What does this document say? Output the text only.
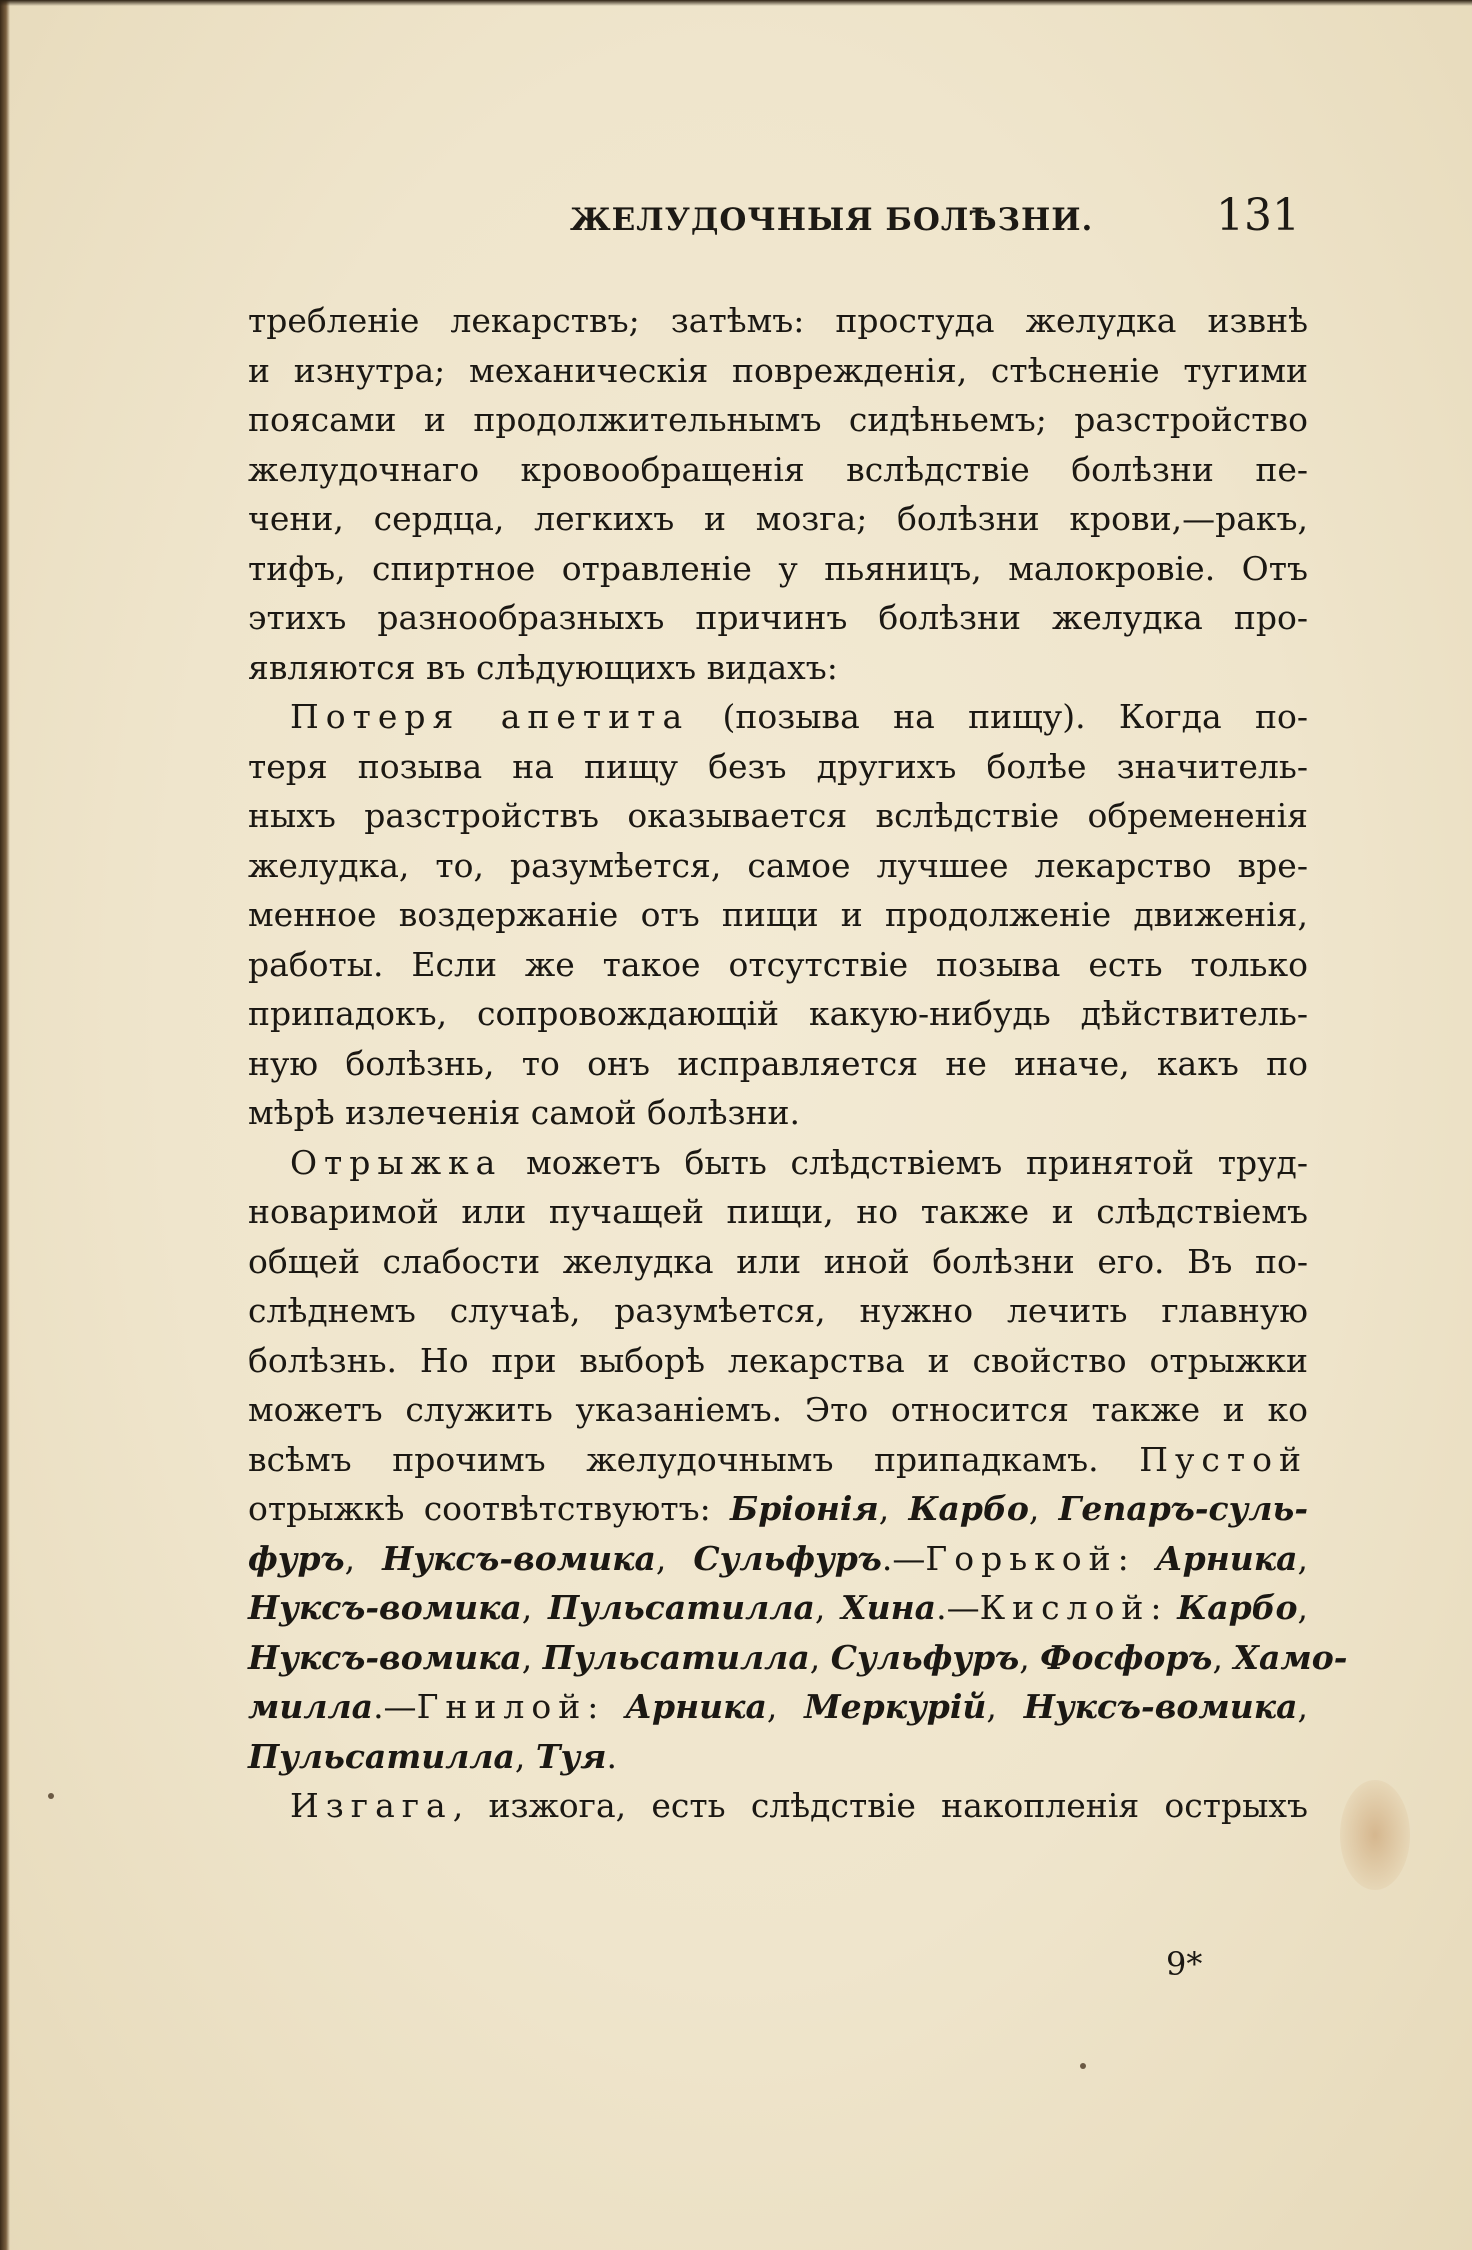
ЖЕЛУДОЧНЫЯ БОЛѢЗНИ.	131
требленіе лекарствъ; затѣмъ: простуда желудка извнѣ
и изнутра; механическія поврежденія, стѣсненіе тугими
поясами и продолжительнымъ сидѣньемъ; разстройство
желудочнаго кровообращенія вслѣдствіе болѣзни пе-
чени, сердца, легкихъ и мозга; болѣзни крови,—ракъ,
тифъ, спиртное отравленіе у пьяницъ, малокровіе. Отъ
этихъ разнообразныхъ причинъ болѣзни желудка про-
являются въ слѣдующихъ видахъ:
Потеря апетита (позыва на пищу). Когда по-
теря позыва на пищу безъ другихъ болѣе значитель-
ныхъ разстройствъ оказывается вслѣдствіе обремененія
желудка, то, разумѣется, самое лучшее лекарство вре-
менное воздержаніе отъ пищи и продолженіе движенія,
работы. Если же такое отсутствіе позыва есть только
припадокъ, сопровождающій какую-нибудь дѣйствитель-
ную болѣзнь, то онъ исправляется не иначе, какъ по
мѣрѣ излеченія самой болѣзни.
Отрыжка можетъ быть слѣдствіемъ принятой труд-
новаримой или пучащей пищи, но также и слѣдствіемъ
общей слабости желудка или иной болѣзни его. Въ по-
слѣднемъ случаѣ, разумѣется, нужно лечить главную
болѣзнь. Но при выборѣ лекарства и свойство отрыжки
можетъ служить указаніемъ. Это относится также и ко
всѣмъ прочимъ желудочнымъ припадкамъ. Пустой
отрыжкѣ соотвѣтствуютъ: Бріонія, Карбо, Гепаръ-суль-
фуръ, Нуксъ-вомика, Сульфуръ.—Горькой: Арника,
Нуксъ-вомика, Пульсатилла, Хина.—Кислой: Карбо,
Нуксъ-вомика, Пульсатилла, Сульфуръ, Фосфоръ, Хамо-
милла.—Гнилой: Арника, Меркурій, Нуксъ-вомика,
Пульсатилла, Туя.
Изгага, изжога, есть слѣдствіе накопленія острыхъ
9*
